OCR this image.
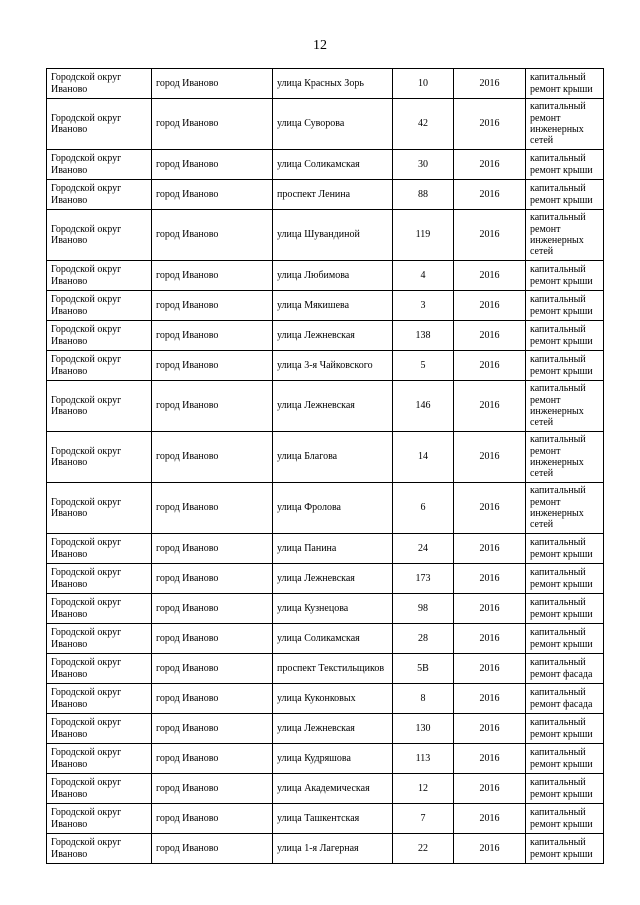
12
Городской округ Иваново	город Иваново	улица Красных Зорь	10	2016	капитальный ремонт крыши
Городской округ Иваново	город Иваново	улица Суворова	42	2016	капитальный ремонт инженерных сетей
Городской округ Иваново	город Иваново	улица Соликамская	30	2016	капитальный ремонт крыши
Городской округ Иваново	город Иваново	проспект Ленина	88	2016	капитальный ремонт крыши
Городской округ Иваново	город Иваново	улица Шувандиной	119	2016	капитальный ремонт инженерных сетей
Городской округ Иваново	город Иваново	улица Любимова	4	2016	капитальный ремонт крыши
Городской округ Иваново	город Иваново	улица Мякишева	3	2016	капитальный ремонт крыши
Городской округ Иваново	город Иваново	улица Лежневская	138	2016	капитальный ремонт крыши
Городской округ Иваново	город Иваново	улица 3-я Чайковского	5	2016	капитальный ремонт крыши
Городской округ Иваново	город Иваново	улица Лежневская	146	2016	капитальный ремонт инженерных сетей
Городской округ Иваново	город Иваново	улица Благова	14	2016	капитальный ремонт инженерных сетей
Городской округ Иваново	город Иваново	улица Фролова	6	2016	капитальный ремонт инженерных сетей
Городской округ Иваново	город Иваново	улица Панина	24	2016	капитальный ремонт крыши
Городской округ Иваново	город Иваново	улица Лежневская	173	2016	капитальный ремонт крыши
Городской округ Иваново	город Иваново	улица Кузнецова	98	2016	капитальный ремонт крыши
Городской округ Иваново	город Иваново	улица Соликамская	28	2016	капитальный ремонт крыши
Городской округ Иваново	город Иваново	проспект Текстильщиков	5В	2016	капитальный ремонт фасада
Городской округ Иваново	город Иваново	улица Куконковых	8	2016	капитальный ремонт фасада
Городской округ Иваново	город Иваново	улица Лежневская	130	2016	капитальный ремонт крыши
Городской округ Иваново	город Иваново	улица Кудряшова	113	2016	капитальный ремонт крыши
Городской округ Иваново	город Иваново	улица Академическая	12	2016	капитальный ремонт крыши
Городской округ Иваново	город Иваново	улица Ташкентская	7	2016	капитальный ремонт крыши
Городской округ Иваново	город Иваново	улица 1-я Лагерная	22	2016	капитальный ремонт крыши
